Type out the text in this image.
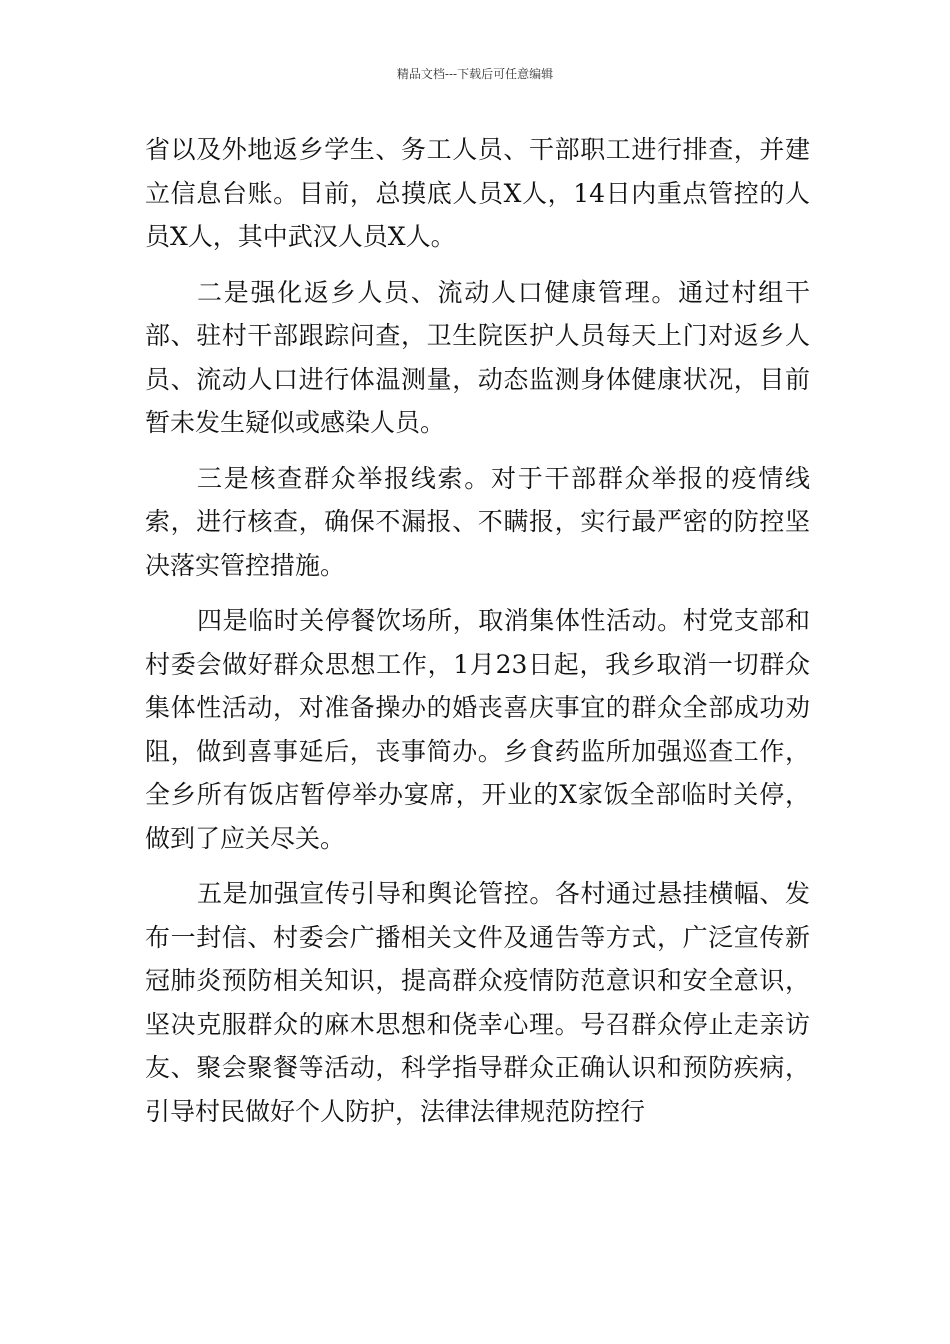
精品文档---下载后可任意编辑

省以及外地返乡学生、务工人员、干部职工进行排查，并建立信息台账。目前，总摸底人员X人，14日内重点管控的人员X人，其中武汉人员X人。

二是强化返乡人员、流动人口健康管理。通过村组干部、驻村干部跟踪问查，卫生院医护人员每天上门对返乡人员、流动人口进行体温测量，动态监测身体健康状况，目前暂未发生疑似或感染人员。

三是核查群众举报线索。对于干部群众举报的疫情线索，进行核查，确保不漏报、不瞒报，实行最严密的防控坚决落实管控措施。

四是临时关停餐饮场所，取消集体性活动。村党支部和村委会做好群众思想工作，1月23日起，我乡取消一切群众集体性活动，对准备操办的婚丧喜庆事宜的群众全部成功劝阻，做到喜事延后，丧事简办。乡食药监所加强巡查工作，全乡所有饭店暂停举办宴席，开业的X家饭全部临时关停，做到了应关尽关。

五是加强宣传引导和舆论管控。各村通过悬挂横幅、发布一封信、村委会广播相关文件及通告等方式，广泛宣传新冠肺炎预防相关知识，提高群众疫情防范意识和安全意识，坚决克服群众的麻木思想和侥幸心理。号召群众停止走亲访友、聚会聚餐等活动，科学指导群众正确认识和预防疾病，引导村民做好个人防护，法律法律规范防控行
